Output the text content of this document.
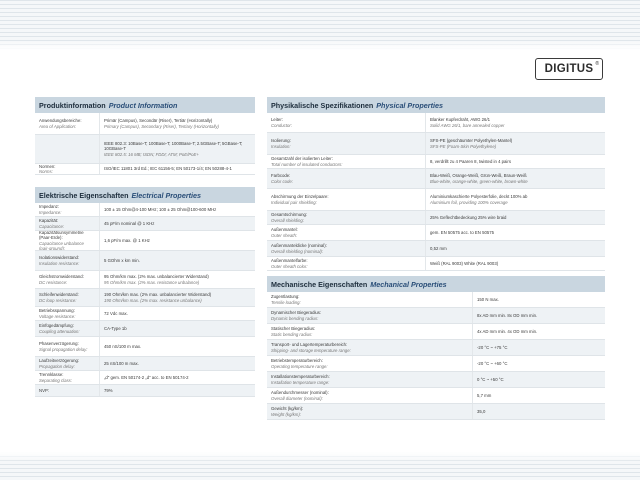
DIGITUS ®
Produktinformation Product Information
Anwendungsbereiche:
Area of Application:
Primär (Campus), Secondär (Riser), Tertiär (Horizontally)
Primary (Campus), Secondary (Riser), Tertiary (Horizontally)
IEEE 802.3: 10Base-T; 100Base-T; 1000Base-T; 2.5GBase-T; 5GBase-T; 10GBase-T
IEEE 802.5: 16 MB; ISDN; FDDI; ATM; PoE/PoE+
Normen:
Norms:
ISO/IEC 11801 3rd Ed.; IEC 61156-5; EN 50173-1/4; EN 50288-4-1
Elektrische Eigenschaften Electrical Properties
Impedanz:
Impedance:
100 ± 15 Ohm@4-100 MHz; 100 ± 25 Ohm@100-600 MHz
Kapazität:
Capacitance:
45 pF/m nominal @ 1 KHz
Kapazitätsunsymmetrie (Paar-Erde):
Capacitance unbalance (pair-ground):
1,6 pF/m max. @ 1 KHz
Isolationswiderstand:
Insulation resistance:
5 GOhm x km min.
Gleichstromwiderstand:
DC resistance:
95 Ohm/km max. (2% max. unbalancierter Widerstand)
95 Ohm/km max. (2% max. resistance unbalance)
Schleifenwiderstand:
DC loop resistance:
190 Ohm/km max. (2% max. unbalancierter Widerstand)
190 Ohm/km max. (2% max. resistance unbalance)
Betriebsspannung:
Voltage resistance:
72 Vdc max.
Einfügedämpfung:
Coupling attenuation:
CA-Type 1b
Phasenverzögerung:
Signal propagation delay:
450 nS/100 m max.
Laufzeitverzögerung:
Propagation delay:
25 nS/100 m max.
Trennklasse:
Separating class:
„d“ gem. EN 50174-2 „d“ acc. to EN 50174-2
NVP:	79%
Physikalische Spezifikationen Physical Properties
Leiter:
Conductor:
Blanker Kupferdraht, AWG 26/1
Solid AWG 26/1, bare annealed copper
Isolierung:
Insulation:
SFS-PE (geschäumter Polyethylen-Mantel)
SFS-PE (Foam-Skin Polyethylene)
Gesamtzahl der isolierten Leiter:
Total number of insulated conductors:
8, verdrillt zu 4 Paaren 8, twisted in 4 pairs
Farbcode:
Color code:
Blau-Weiß, Orange-Weiß, Grün-Weiß, Braun-Weiß
Blue-white, orange-white, green-white, brown-white
Abschirmung der Einzelpaare:
Individual pair shielding:
Aluminiumkaschierte Polyesterfolie, deckt 100% ab
Aluminium foil, providing 100% coverage
Gesamtschirmung:
Overall shielding:
25% Geflechtbedeckung 25% wire braid
Außenmantel:
Outer sheath:
gem. EN 50575 acc. to EN 50575
Außenmanteldicke (nominal):
Overall shielding (nominal):
0,52 mm
Außenmantelfarbe:
Outer sheath color:
Weiß (RAL 9003) White (RAL 9003)
Mechanische Eigenschaften Mechanical Properties
Zugentlastung:
Tensile loading:
150 N max.
Dynamischer Biegeradius:
Dynamic bending radius:
8x AD mm min. 8x OD mm min.
Statischer Biegeradius:
Static bending radius:
4x AD mm min. 4x OD mm min.
Transport- und Lagertemperaturbereich:
Shipping- and storage temperature range:
-20 °C ~ +75 °C
Betriebstemperaturbereich:
Operating temperature range:
-20 °C ~ +60 °C
Installationstemperaturbereich:
Installation temperature range:
0 °C ~ +50 °C
Außendurchmesser (nominal):
Overall diameter (nominal):
5,7 mm
Gewicht (kg/km):
Weight (kg/km):
35,0
